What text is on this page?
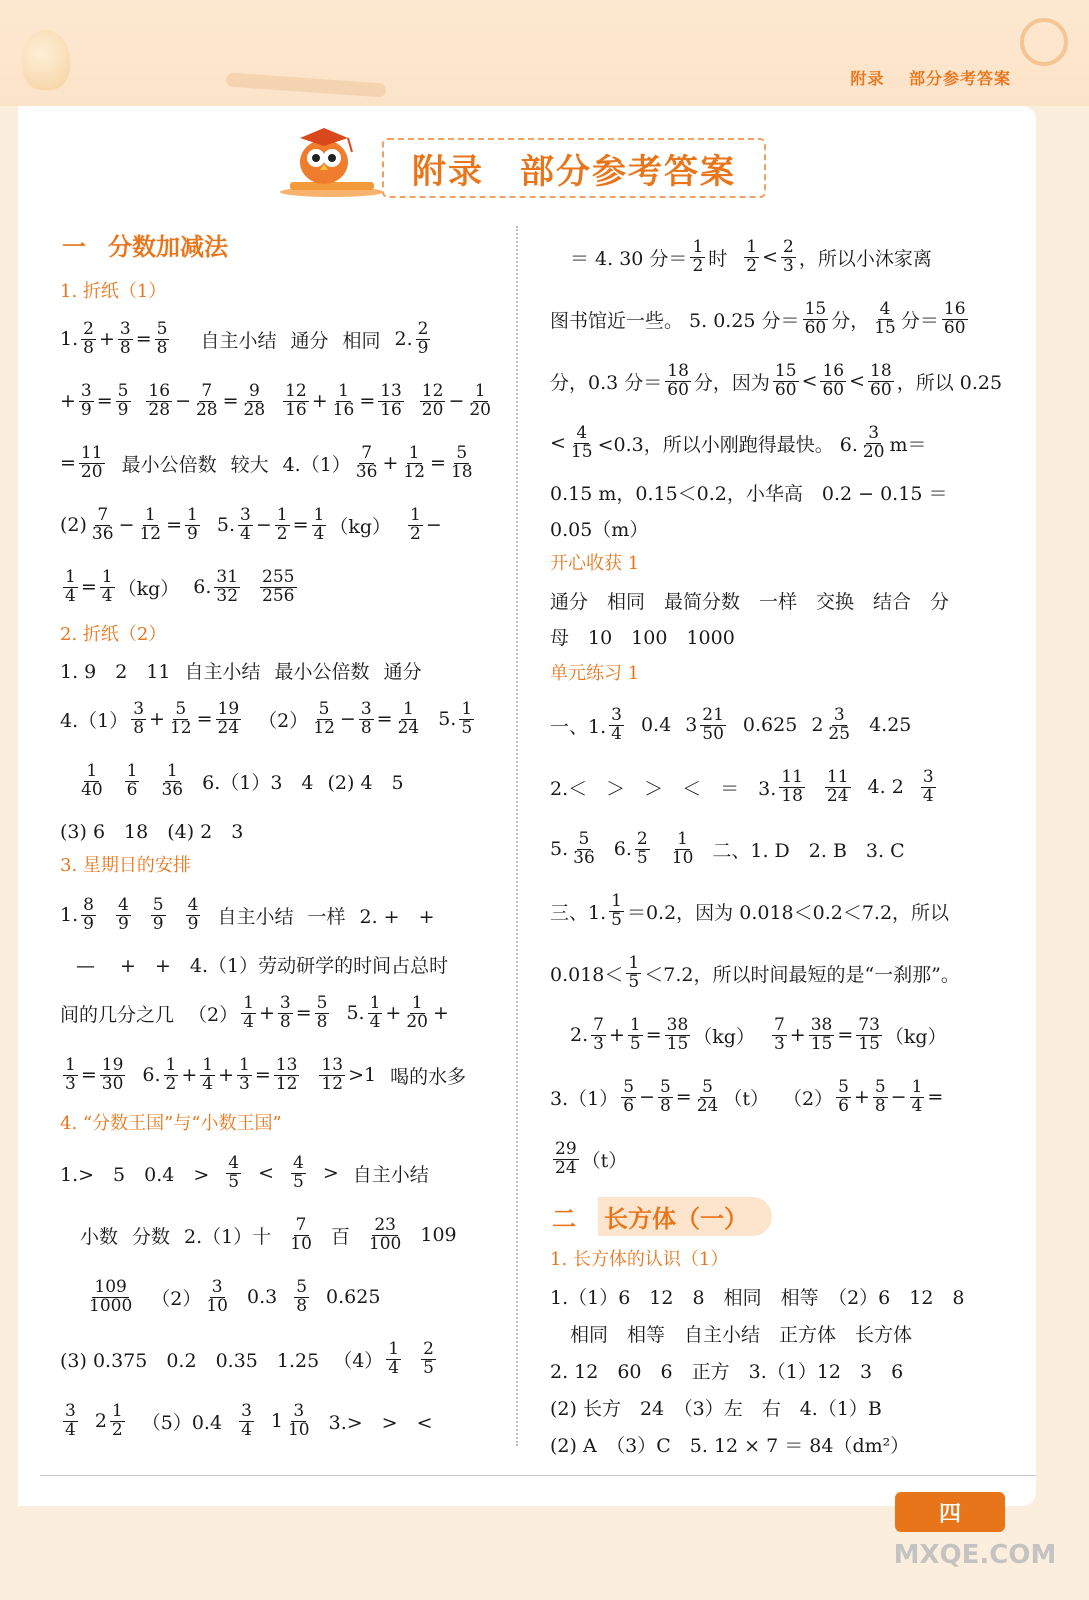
附录 部分参考答案
附录　部分参考答案
一 分数加减法

1. 折纸（1）

1. $\frac{2}{8} + \frac{3}{8} = \frac{5}{8}$ 自主小结 通分 相同 2. $\frac{2}{9}$
+ $\frac{3}{9} = \frac{5}{9} \frac{16}{28} - \frac{7}{28} = \frac{9}{28} \frac{12}{16} + \frac{1}{16} = \frac{13}{16} \frac{12}{20} - \frac{1}{20}$
= $\frac{11}{20}$ 最小公倍数 较大 $4.(1) \frac{7}{36} + \frac{1}{12} = \frac{5}{18}$
$(2) \frac{7}{36} - \frac{1}{12} = \frac{1}{9} 5$. $\frac{3}{4} - \frac{1}{2} = \frac{1}{4} (kg) \frac{1}{2}$ −
$\frac{1}{4} = \frac{1}{4} (kg)$ 6. $\frac{31}{32} \frac{255}{256}$

2. 折纸（2）

1. 9　2　11 自主小结 最小公倍数 通分
$4.(1) \frac{3}{8} + \frac{5}{12} = \frac{19}{24} (2) \frac{5}{12} - \frac{3}{8} = \frac{1}{24} 5$. $\frac{1}{5}$
$\frac{1}{40} \frac{1}{6} \frac{1}{36} 6.(1)3$　4 (2) 4　5
(3) 6　18　(4) 2　3

3. 星期日的安排

1. $\frac{8}{9} \frac{4}{9} \frac{5}{9} \frac{4}{9}$ 自主小结 一样 2. +　+
— 　+　+　4.（1）劳动研学的时间占总时
间的几分之几 $(2) \frac{1}{4} + \frac{3}{8} = \frac{5}{8} 5$. $\frac{1}{4} + \frac{1}{20}$ +
$\frac{1}{3} = \frac{19}{30} 6$. $\frac{1}{2} + \frac{1}{4} + \frac{1}{3} = \frac{13}{12} \frac{13}{12} >1$ 喝的水多

4. “分数王国”与“小数王国”

1.>　5　0.4　> $\frac{4}{5} < \frac{4}{5}$ > 自主小结
小数 分数 2.（1） 十 $\frac{7}{10}$ 百 $\frac{23}{100} 109$
$\frac{109}{1000} (2) \frac{3}{10} 0.3 \frac{5}{8} 0.625$
(3) 0.375　0.2　0.35　1.25 $(4) \frac{1}{4} \frac{2}{5}$
$\frac{3}{4} 2 \frac{1}{2} (5)0.4 \frac{3}{4} 1 \frac{3}{10} 3.>$　>　<
＝ 4. 30 分＝ $\frac{1}{2}$ 时 $\frac{1}{2} < \frac{2}{3}$ ，所以小沐家离
图书馆近一些。 5. 0.25 分＝ $\frac{15}{60}$ 分， $\frac{4}{15}$ 分＝ $\frac{16}{60}$
分，0.3 分＝ $\frac{18}{60}$ 分，因为 $\frac{15}{60} < \frac{16}{60} < \frac{18}{60}$ ，所以 0.25
< $\frac{4}{15} <0.3$，所以小刚跑得最快。 6. $\frac{3}{20} m=$
0.15 m，0.15＜0.2，小华高　0.2 − 0.15 ＝
0.05（m）

开心收获 1

通分　相同　最简分数　一样　交换　结合　分
母　10　100　1000

单元练习 1

一、1. $\frac{3}{4} 0.4$ $3 \frac{21}{50} 0.625$ $2 \frac{3}{25} 4.25$
2.＜　＞　＞　＜　＝　3. $\frac{11}{18} \frac{11}{24} 4$. $2 \frac{3}{4}$
5. $\frac{5}{36} 6$. $\frac{2}{5} \frac{1}{10}$ 二、1. D　2. B　3. C
三、1. $\frac{1}{5} =0.2$，因为 0.018＜0.2＜7.2，所以
$0.018< \frac{1}{5} <7.2$，所以时间最短的是“一刹那”。
2. $\frac{7}{3} + \frac{1}{5} = \frac{38}{15} (kg) \frac{7}{3} + \frac{38}{15} = \frac{73}{15} (kg)$
$3.(1) \frac{5}{6} - \frac{5}{8} = \frac{5}{24} (t)$ $(2) \frac{5}{6} + \frac{5}{8} - \frac{1}{4}$ =
$\frac{29}{24} (t)$
二 长方体（一）

1. 长方体的认识（1）

1.（1）6　12　8　相同　相等　（2）6　12　8
相同　相等　自主小结　正方体　长方体
2. 12　60　6　正方　3.（1）12　3　6
(2) 长方　24　（3）左　右　4.（1）B
(2) A　（3）C　5. 12 × 7 ＝ 84（dm²）
四
MXQE.COM
